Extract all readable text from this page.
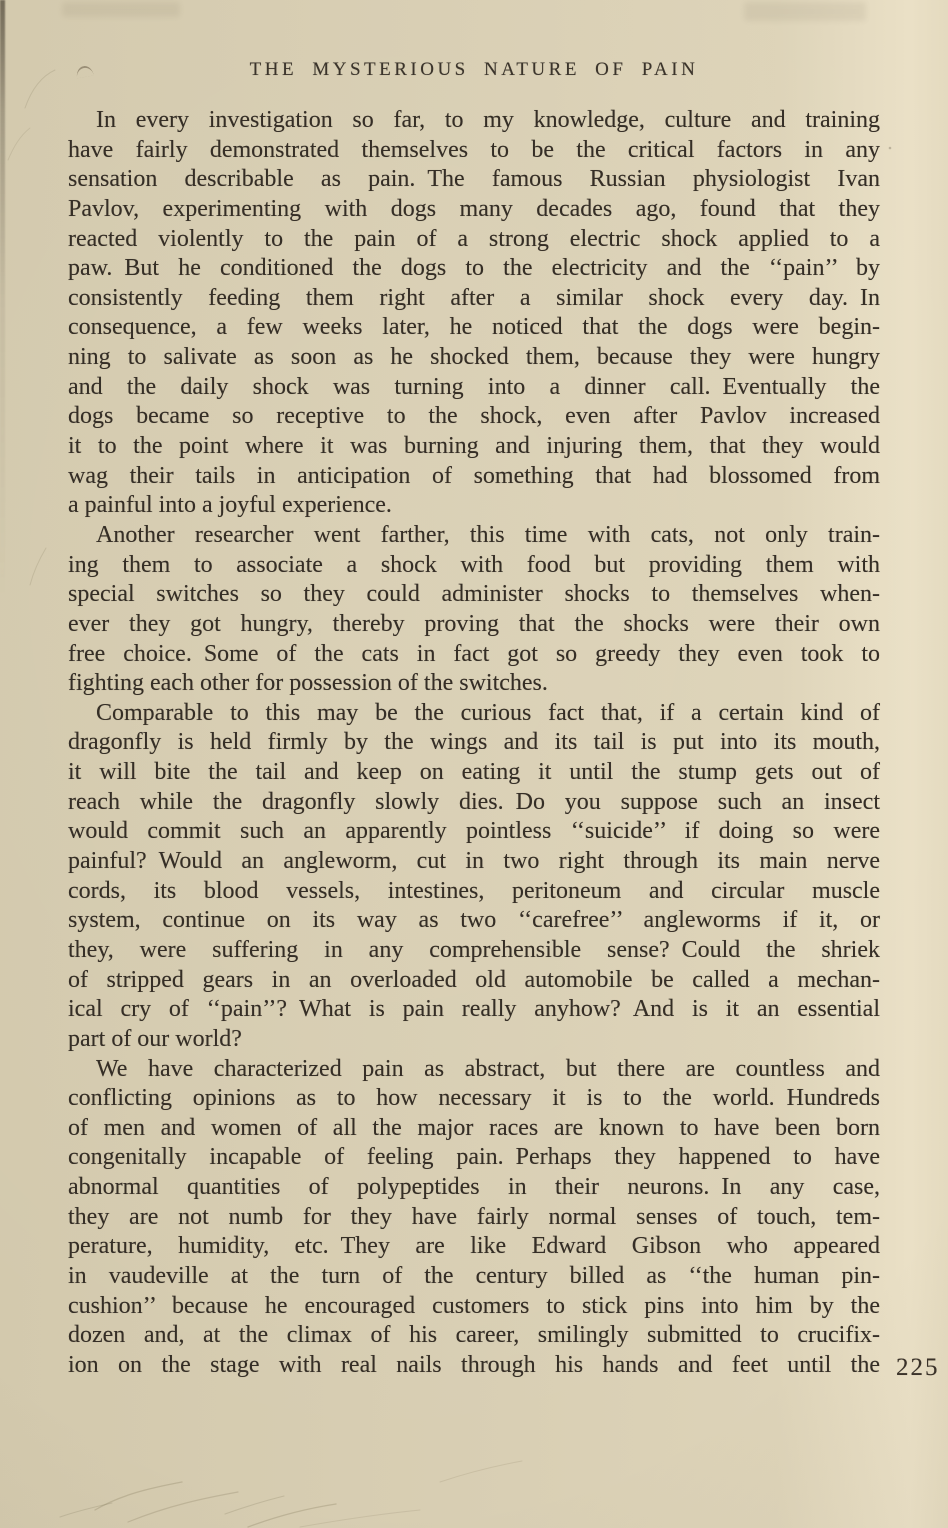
THE MYSTERIOUS NATURE OF PAIN
In every investigation so far, to my knowledge, culture and training
have fairly demonstrated themselves to be the critical factors in any
sensation describable as pain. The famous Russian physiologist Ivan
Pavlov, experimenting with dogs many decades ago, found that they
reacted violently to the pain of a strong electric shock applied to a
paw. But he conditioned the dogs to the electricity and the ‘‘pain’’ by
consistently feeding them right after a similar shock every day. In
consequence, a few weeks later, he noticed that the dogs were begin-
ning to salivate as soon as he shocked them, because they were hungry
and the daily shock was turning into a dinner call. Eventually the
dogs became so receptive to the shock, even after Pavlov increased
it to the point where it was burning and injuring them, that they would
wag their tails in anticipation of something that had blossomed from
a painful into a joyful experience.
Another researcher went farther, this time with cats, not only train-
ing them to associate a shock with food but providing them with
special switches so they could administer shocks to themselves when-
ever they got hungry, thereby proving that the shocks were their own
free choice. Some of the cats in fact got so greedy they even took to
fighting each other for possession of the switches.
Comparable to this may be the curious fact that, if a certain kind of
dragonfly is held firmly by the wings and its tail is put into its mouth,
it will bite the tail and keep on eating it until the stump gets out of
reach while the dragonfly slowly dies. Do you suppose such an insect
would commit such an apparently pointless ‘‘suicide’’ if doing so were
painful? Would an angleworm, cut in two right through its main nerve
cords, its blood vessels, intestines, peritoneum and circular muscle
system, continue on its way as two ‘‘carefree’’ angleworms if it, or
they, were suffering in any comprehensible sense? Could the shriek
of stripped gears in an overloaded old automobile be called a mechan-
ical cry of ‘‘pain’’? What is pain really anyhow? And is it an essential
part of our world?
We have characterized pain as abstract, but there are countless and
conflicting opinions as to how necessary it is to the world. Hundreds
of men and women of all the major races are known to have been born
congenitally incapable of feeling pain. Perhaps they happened to have
abnormal quantities of polypeptides in their neurons. In any case,
they are not numb for they have fairly normal senses of touch, tem-
perature, humidity, etc. They are like Edward Gibson who appeared
in vaudeville at the turn of the century billed as ‘‘the human pin-
cushion’’ because he encouraged customers to stick pins into him by the
dozen and, at the climax of his career, smilingly submitted to crucifix-
ion on the stage with real nails through his hands and feet until the 225
